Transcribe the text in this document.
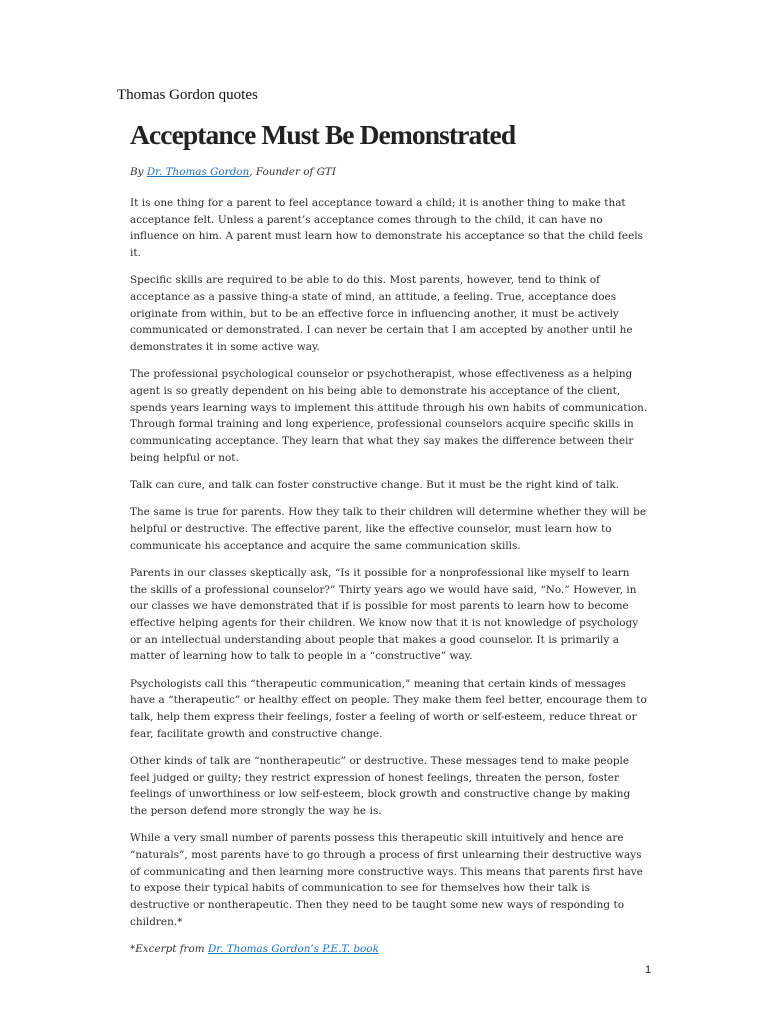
Thomas Gordon quotes
Acceptance Must Be Demonstrated

By Dr. Thomas Gordon, Founder of GTI

It is one thing for a parent to feel acceptance toward a child; it is another thing to make that acceptance felt. Unless a parent’s acceptance comes through to the child, it can have no influence on him. A parent must learn how to demonstrate his acceptance so that the child feels it.

Specific skills are required to be able to do this. Most parents, however, tend to think of acceptance as a passive thing-a state of mind, an attitude, a feeling. True, acceptance does originate from within, but to be an effective force in influencing another, it must be actively communicated or demonstrated. I can never be certain that I am accepted by another until he demonstrates it in some active way.

The professional psychological counselor or psychotherapist, whose effectiveness as a helping agent is so greatly dependent on his being able to demonstrate his acceptance of the client, spends years learning ways to implement this attitude through his own habits of communication. Through formal training and long experience, professional counselors acquire specific skills in communicating acceptance. They learn that what they say makes the difference between their being helpful or not.

Talk can cure, and talk can foster constructive change. But it must be the right kind of talk.

The same is true for parents. How they talk to their children will determine whether they will be helpful or destructive. The effective parent, like the effective counselor, must learn how to communicate his acceptance and acquire the same communication skills.

Parents in our classes skeptically ask, “Is it possible for a nonprofessional like myself to learn the skills of a professional counselor?” Thirty years ago we would have said, “No.” However, in our classes we have demonstrated that if is possible for most parents to learn how to become effective helping agents for their children. We know now that it is not knowledge of psychology or an intellectual understanding about people that makes a good counselor. It is primarily a matter of learning how to talk to people in a “constructive” way.

Psychologists call this “therapeutic communication,” meaning that certain kinds of messages have a “therapeutic” or healthy effect on people. They make them feel better, encourage them to talk, help them express their feelings, foster a feeling of worth or self-esteem, reduce threat or fear, facilitate growth and constructive change.

Other kinds of talk are “nontherapeutic” or destructive. These messages tend to make people feel judged or guilty; they restrict expression of honest feelings, threaten the person, foster feelings of unworthiness or low self-esteem, block growth and constructive change by making the person defend more strongly the way he is.

While a very small number of parents possess this therapeutic skill intuitively and hence are “naturals”, most parents have to go through a process of first unlearning their destructive ways of communicating and then learning more constructive ways. This means that parents first have to expose their typical habits of communication to see for themselves how their talk is destructive or nontherapeutic. Then they need to be taught some new ways of responding to children.*

*Excerpt from Dr. Thomas Gordon’s P.E.T. book

1
